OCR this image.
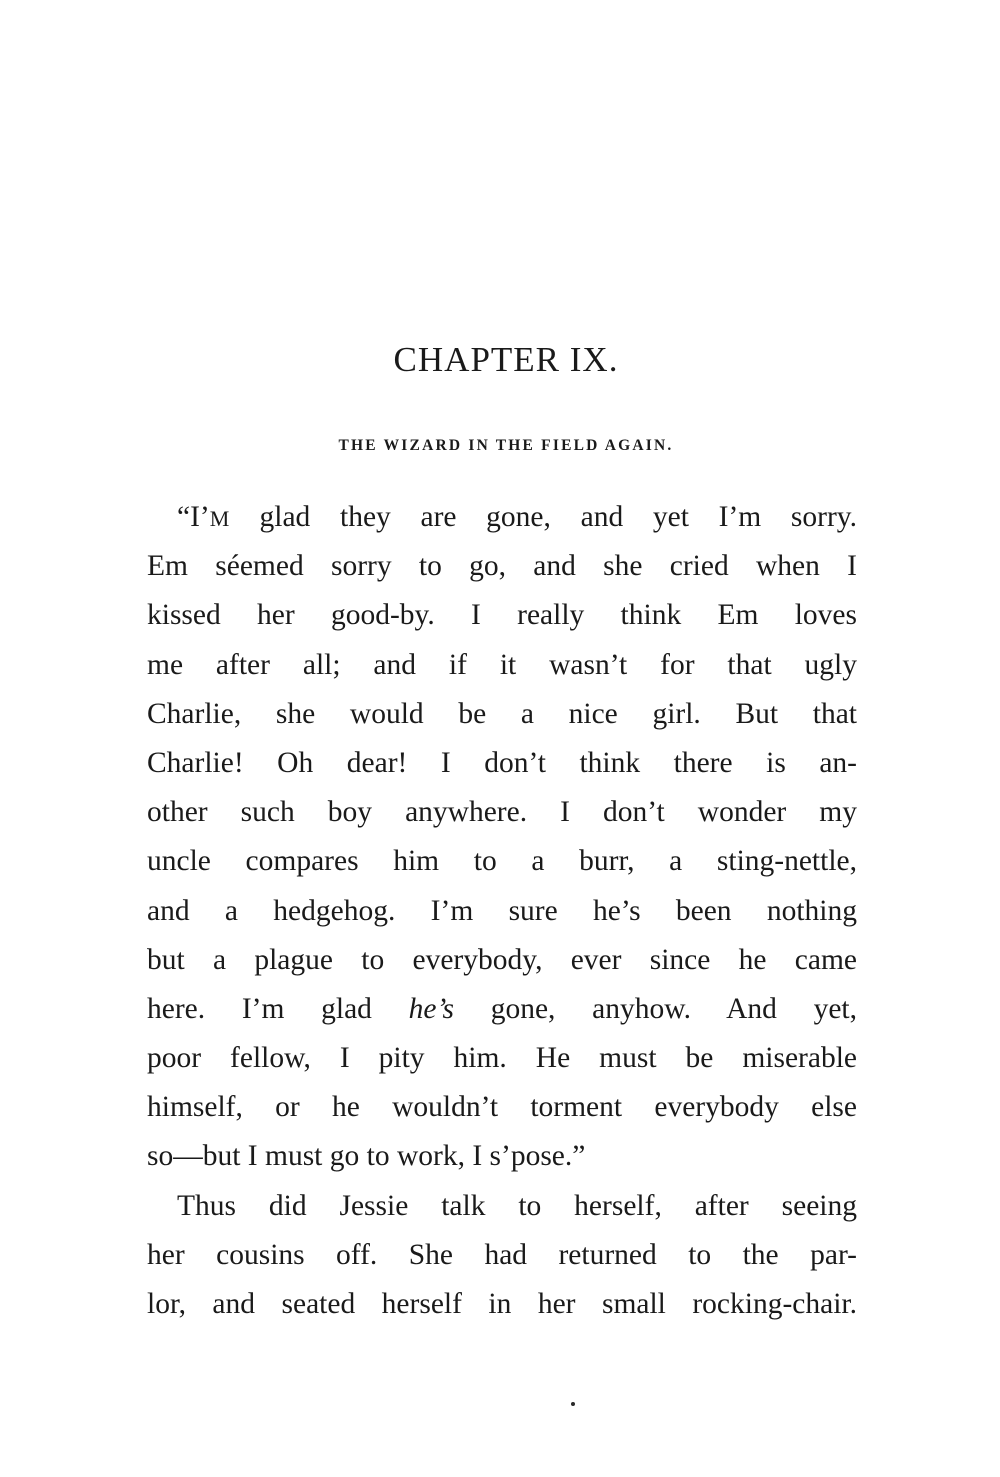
CHAPTER IX.
THE WIZARD IN THE FIELD AGAIN.
“I’M glad they are gone, and yet I’m sorry.
Em séemed sorry to go, and she cried when I
kissed her good-by. I really think Em loves
me after all; and if it wasn’t for that ugly
Charlie, she would be a nice girl. But that
Charlie! Oh dear! I don’t think there is an-
other such boy anywhere. I don’t wonder my
uncle compares him to a burr, a sting-nettle,
and a hedgehog. I’m sure he’s been nothing
but a plague to everybody, ever since he came
here. I’m glad he’s gone, anyhow. And yet,
poor fellow, I pity him. He must be miserable
himself, or he wouldn’t torment everybody else
so—but I must go to work, I s’pose.”
Thus did Jessie talk to herself, after seeing
her cousins off. She had returned to the par-
lor, and seated herself in her small rocking-chair.
